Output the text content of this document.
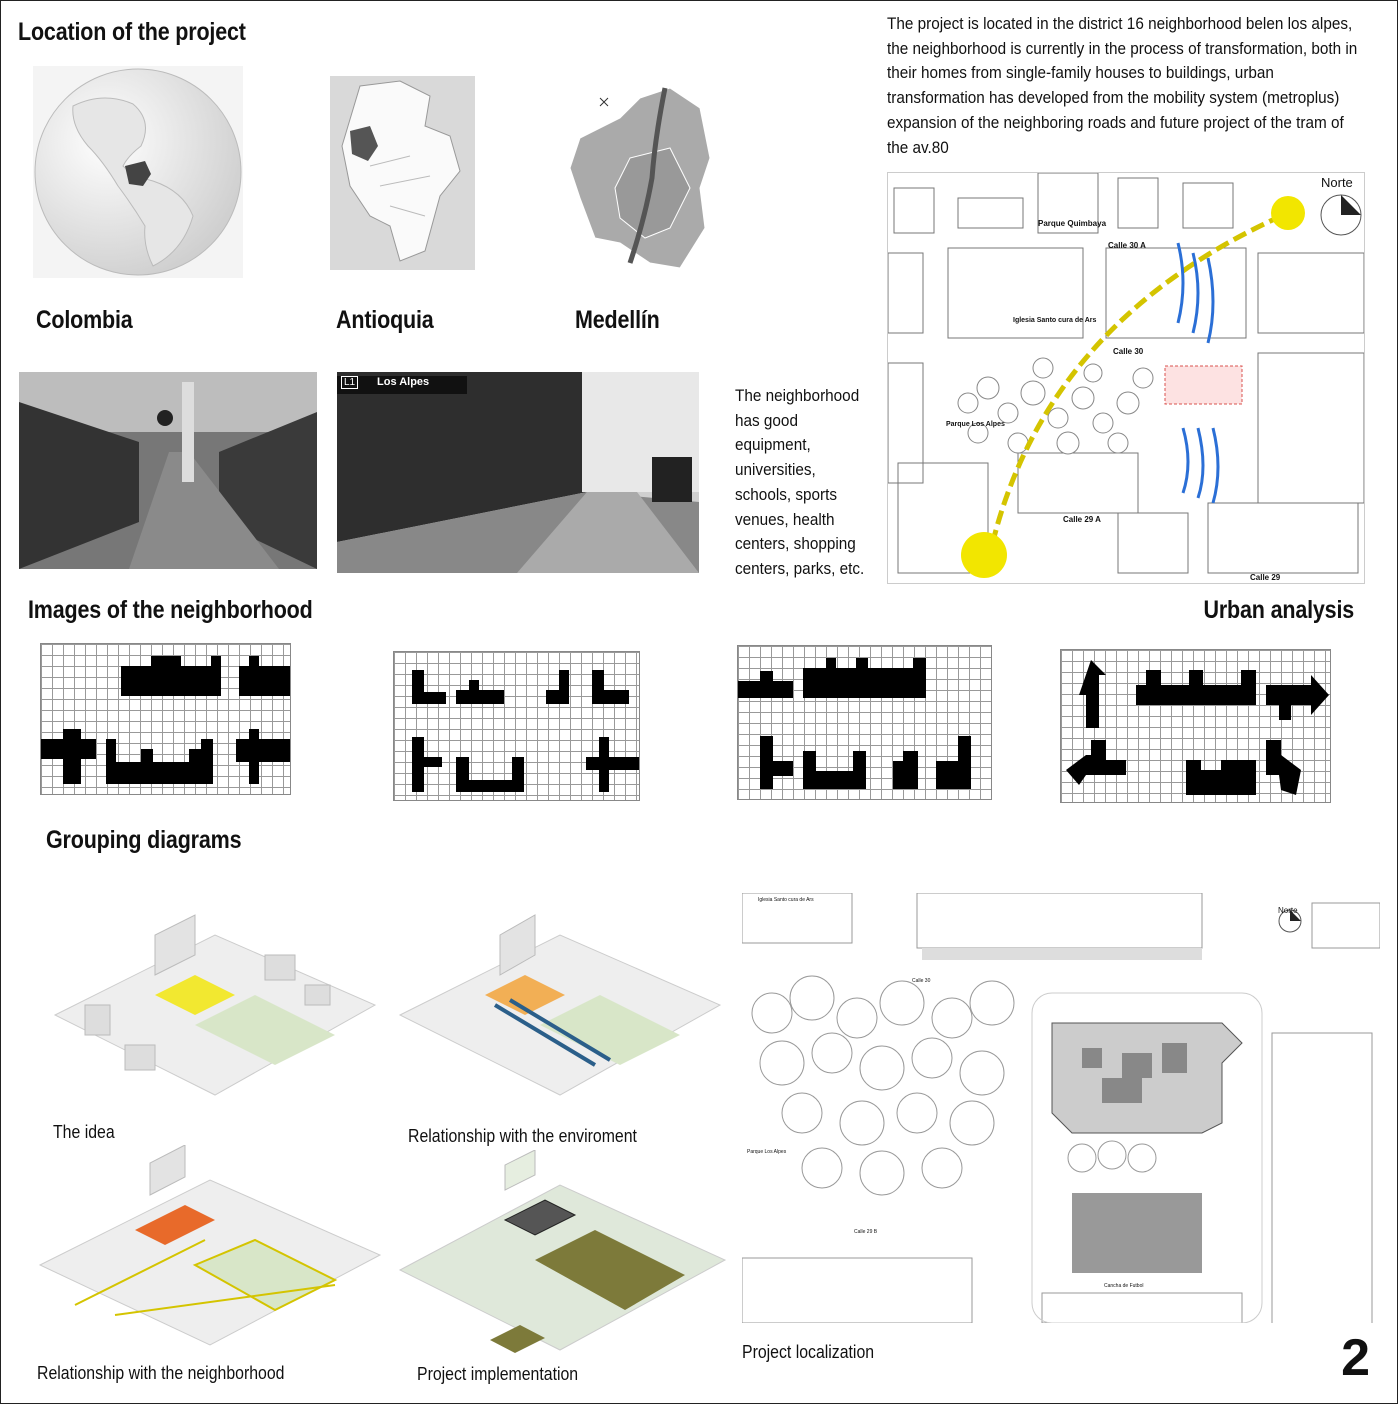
Location of the project
Images of the neighborhood	Urban analysis
Grouping diagrams
Colombia	Antioquia	Medellín
The project is located in the district 16 neighborhood belen los alpes, the neighborhood is currently in the process of transformation, both in their homes from single-family houses to buildings, urban transformation has developed from the mobility system (metroplus) expansion of the neighboring roads and future project of the tram of the av.80
L1 Los Alpes
The neighborhood has good equipment, universities, schools, sports venues, health centers, shopping centers, parks, etc.
Norte
Calle 30 A
Calle 30
Calle 29 A
Calle 29
Parque Quimbaya
Iglesia Santo cura de Ars
Parque Los Alpes
The idea	Relationship with the enviroment
Relationship with the neighborhood	Project implementation
Iglesia Santo cura de Ars
Calle 30
Parque Los Alpes
Calle 29 B
Cancha de Futbol
Norte
Project localization	2
